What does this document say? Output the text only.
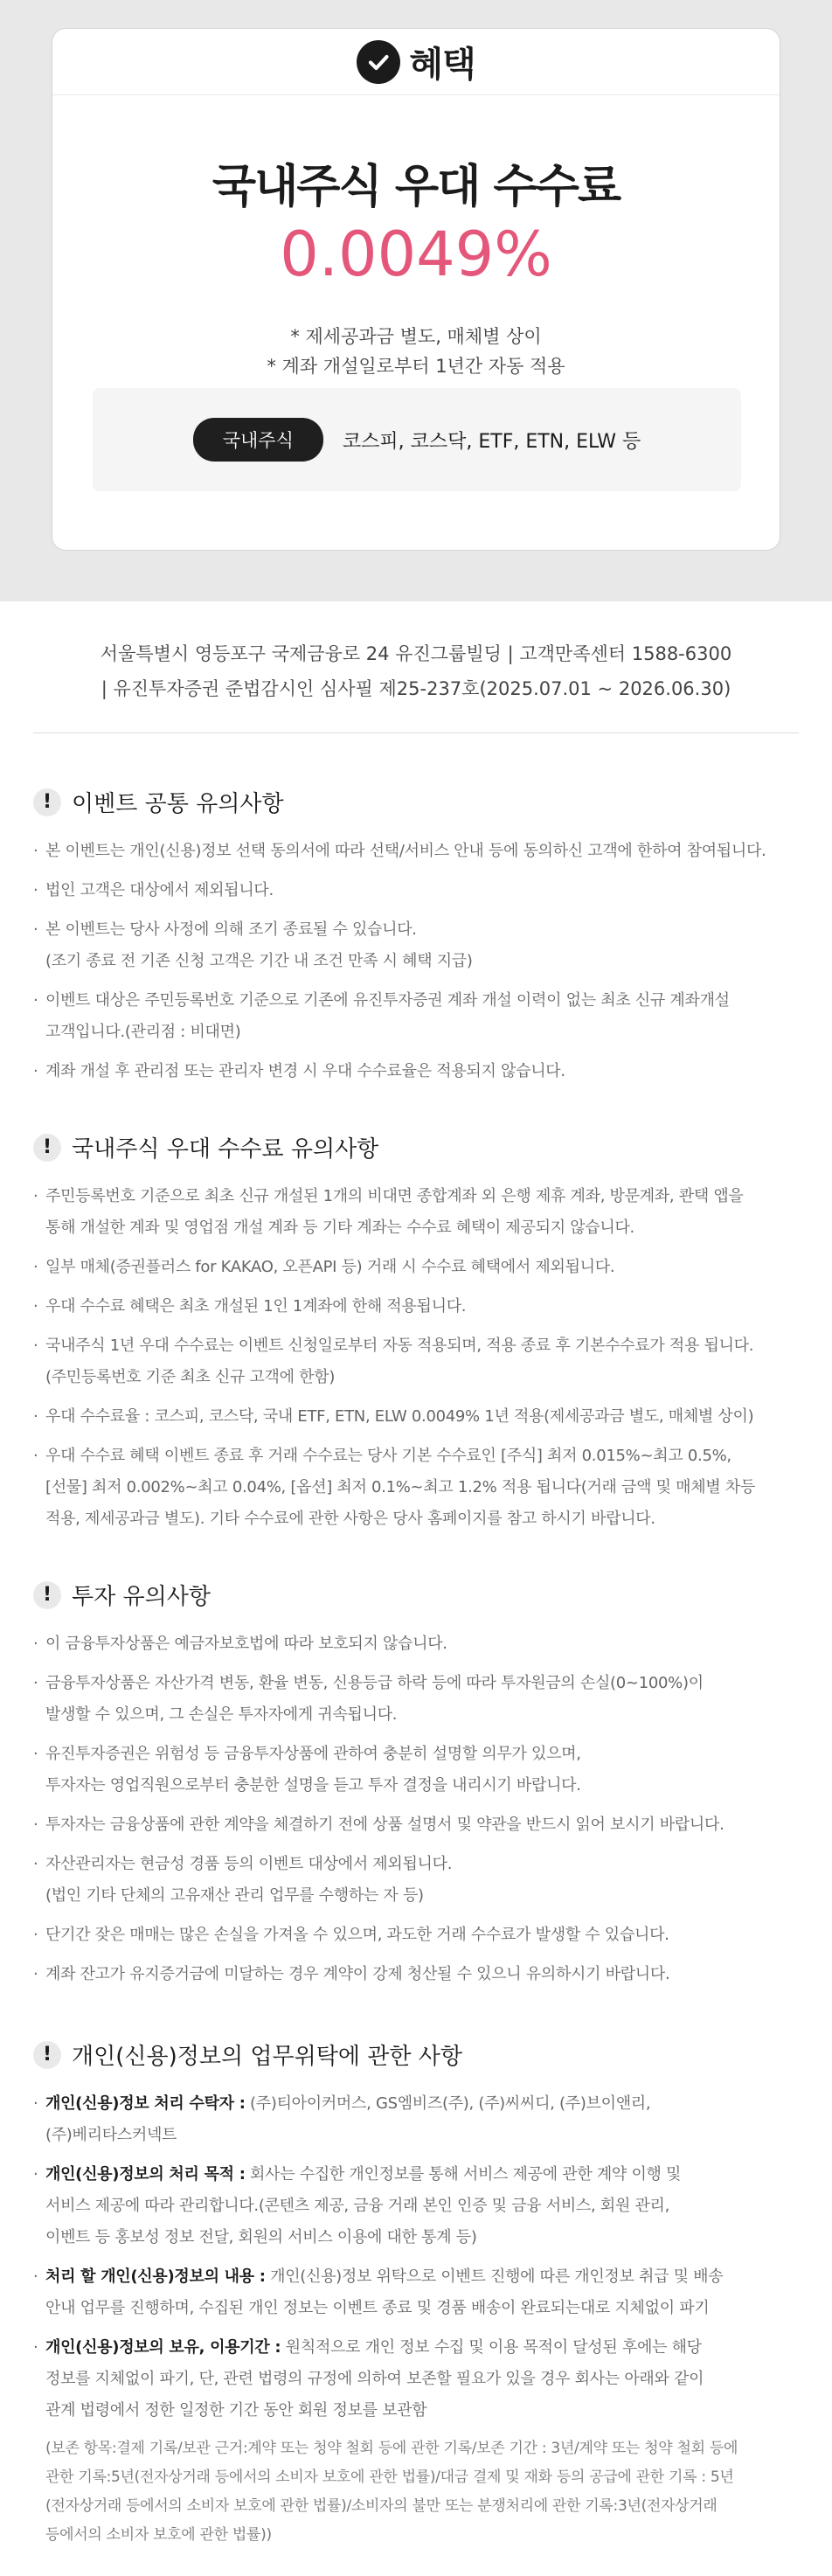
혜택
국내주식 우대 수수료
0.0049%
* 제세공과금 별도, 매체별 상이
* 계좌 개설일로부터 1년간 자동 적용
국내주식	코스피, 코스닥, ETF, ETN, ELW 등
서울특별시 영등포구 국제금융로 24 유진그룹빌딩 | 고객만족센터 1588-6300
| 유진투자증권 준법감시인 심사필 제25-237호(2025.07.01 ~ 2026.06.30)
! 이벤트 공통 유의사항
· 본 이벤트는 개인(신용)정보 선택 동의서에 따라 선택/서비스 안내 등에 동의하신 고객에 한하여 참여됩니다.
· 법인 고객은 대상에서 제외됩니다.
· 본 이벤트는 당사 사정에 의해 조기 종료될 수 있습니다.
(조기 종료 전 기존 신청 고객은 기간 내 조건 만족 시 혜택 지급)
· 이벤트 대상은 주민등록번호 기준으로 기존에 유진투자증권 계좌 개설 이력이 없는 최초 신규 계좌개설
고객입니다.(관리점 : 비대면)
· 계좌 개설 후 관리점 또는 관리자 변경 시 우대 수수료율은 적용되지 않습니다.
! 국내주식 우대 수수료 유의사항
· 주민등록번호 기준으로 최초 신규 개설된 1개의 비대면 종합계좌 외 은행 제휴 계좌, 방문계좌, 콴택 앱을
통해 개설한 계좌 및 영업점 개설 계좌 등 기타 계좌는 수수료 혜택이 제공되지 않습니다.
· 일부 매체(증권플러스 for KAKAO, 오픈API 등) 거래 시 수수료 혜택에서 제외됩니다.
· 우대 수수료 혜택은 최초 개설된 1인 1계좌에 한해 적용됩니다.
· 국내주식 1년 우대 수수료는 이벤트 신청일로부터 자동 적용되며, 적용 종료 후 기본수수료가 적용 됩니다.
(주민등록번호 기준 최초 신규 고객에 한함)
· 우대 수수료율 : 코스피, 코스닥, 국내 ETF, ETN, ELW 0.0049% 1년 적용(제세공과금 별도, 매체별 상이)
· 우대 수수료 혜택 이벤트 종료 후 거래 수수료는 당사 기본 수수료인 [주식] 최저 0.015%~최고 0.5%,
[선물] 최저 0.002%~최고 0.04%, [옵션] 최저 0.1%~최고 1.2% 적용 됩니다(거래 금액 및 매체별 차등
적용, 제세공과금 별도). 기타 수수료에 관한 사항은 당사 홈페이지를 참고 하시기 바랍니다.
! 투자 유의사항
· 이 금융투자상품은 예금자보호법에 따라 보호되지 않습니다.
· 금융투자상품은 자산가격 변동, 환율 변동, 신용등급 하락 등에 따라 투자원금의 손실(0~100%)이
발생할 수 있으며, 그 손실은 투자자에게 귀속됩니다.
· 유진투자증권은 위험성 등 금융투자상품에 관하여 충분히 설명할 의무가 있으며,
투자자는 영업직원으로부터 충분한 설명을 듣고 투자 결정을 내리시기 바랍니다.
· 투자자는 금융상품에 관한 계약을 체결하기 전에 상품 설명서 및 약관을 반드시 읽어 보시기 바랍니다.
· 자산관리자는 현금성 경품 등의 이벤트 대상에서 제외됩니다.
(법인 기타 단체의 고유재산 관리 업무를 수행하는 자 등)
· 단기간 잦은 매매는 많은 손실을 가져올 수 있으며, 과도한 거래 수수료가 발생할 수 있습니다.
· 계좌 잔고가 유지증거금에 미달하는 경우 계약이 강제 청산될 수 있으니 유의하시기 바랍니다.
! 개인(신용)정보의 업무위탁에 관한 사항
· 개인(신용)정보 처리 수탁자 : (주)티아이커머스, GS엠비즈(주), (주)씨씨디, (주)브이앤리,
(주)베리타스커넥트
· 개인(신용)정보의 처리 목적 : 회사는 수집한 개인정보를 통해 서비스 제공에 관한 계약 이행 및
서비스 제공에 따라 관리합니다.(콘텐츠 제공, 금융 거래 본인 인증 및 금융 서비스, 회원 관리,
이벤트 등 홍보성 정보 전달, 회원의 서비스 이용에 대한 통계 등)
· 처리 할 개인(신용)정보의 내용 : 개인(신용)정보 위탁으로 이벤트 진행에 따른 개인정보 취급 및 배송
안내 업무를 진행하며, 수집된 개인 정보는 이벤트 종료 및 경품 배송이 완료되는대로 지체없이 파기
· 개인(신용)정보의 보유, 이용기간 : 원칙적으로 개인 정보 수집 및 이용 목적이 달성된 후에는 해당
정보를 지체없이 파기, 단, 관련 법령의 규정에 의하여 보존할 필요가 있을 경우 회사는 아래와 같이
관계 법령에서 정한 일정한 기간 동안 회원 정보를 보관함
(보존 항목:결제 기록/보관 근거:계약 또는 청약 철회 등에 관한 기록/보존 기간 : 3년/계약 또는 청약 철회 등에
관한 기록:5년(전자상거래 등에서의 소비자 보호에 관한 법률)/대금 결제 및 재화 등의 공급에 관한 기록 : 5년
(전자상거래 등에서의 소비자 보호에 관한 법률)/소비자의 불만 또는 분쟁처리에 관한 기록:3년(전자상거래
등에서의 소비자 보호에 관한 법률))
